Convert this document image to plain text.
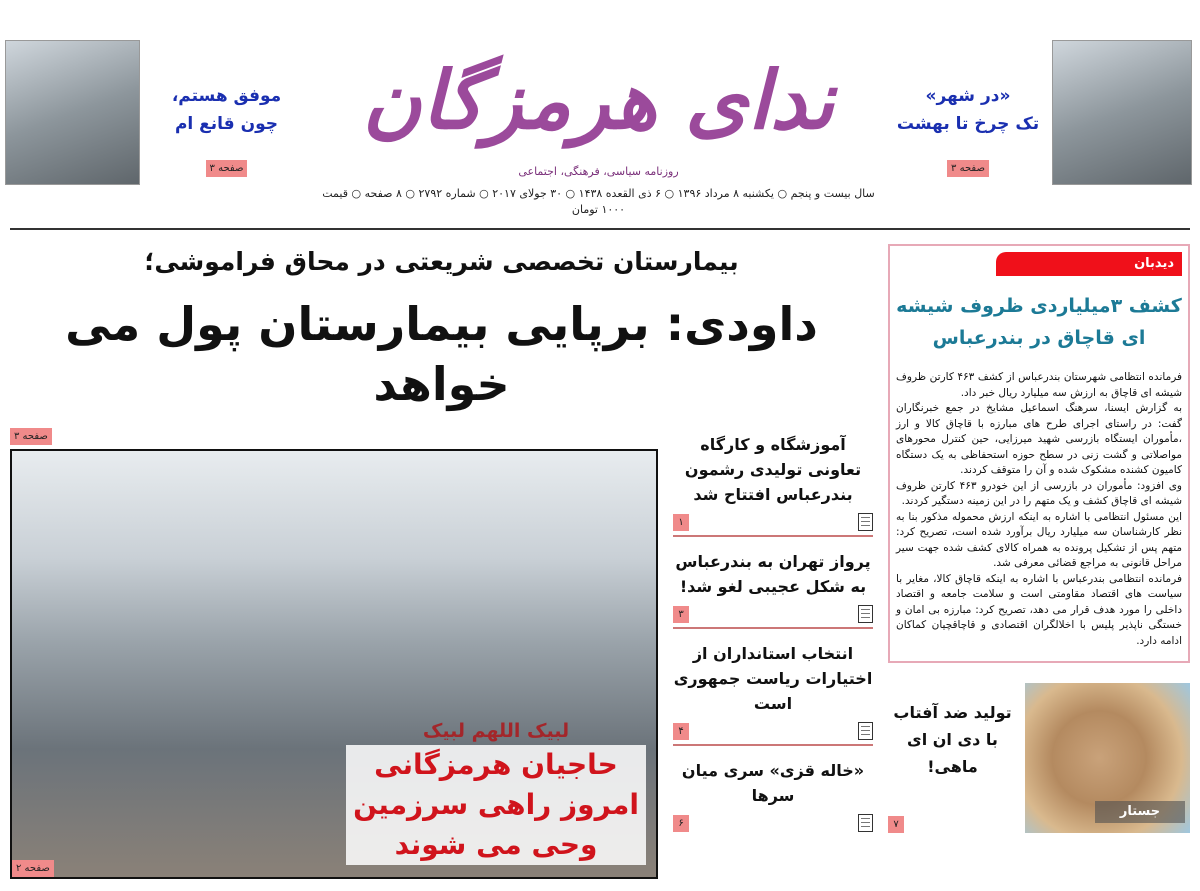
موفق هستم،
چون قانع ام
صفحه ۳
ندای هرمزگان
روزنامه سیاسی، فرهنگی، اجتماعی
سال بیست و پنجم ○ یکشنبه ۸ مرداد ۱۳۹۶ ○ ۶ ذی القعده ۱۴۳۸ ○ ۳۰ جولای ۲۰۱۷ ○ شماره ۲۷۹۲ ○ ۸ صفحه ○ قیمت ۱۰۰۰ تومان
«در شهر»
تک چرخ تا بهشت
صفحه ۳
بیمارستان تخصصی شریعتی در محاق فراموشی؛
داودی: برپایی بیمارستان پول می خواهد
صفحه ۳
لبیک اللهم لبیک
حاجیان هرمزگانی
امروز راهی سرزمین
وحی می شوند
صفحه ۲
آموزشگاه و کارگاه تعاونی تولیدی رشمون بندرعباس افتتاح شد
۱
پرواز تهران به بندرعباس به شکل عجیبی لغو شد!
۳
انتخاب استانداران از اختیارات ریاست جمهوری است
۴
«خاله قزی» سری میان سرها
۶
دیدبان
کشف ۳میلیاردی ظروف شیشه ای قاچاق در بندرعباس

فرمانده انتظامی شهرستان بندرعباس از کشف ۴۶۳ کارتن ظروف شیشه ای قاچاق به ارزش سه میلیارد ریال خبر داد.

به گزارش ایسنا، سرهنگ اسماعیل مشایخ در جمع خبرنگاران گفت: در راستای اجرای طرح های مبارزه با قاچاق کالا و ارز ،مأموران ایستگاه بازرسی شهید میرزایی، حین کنترل محورهای مواصلاتی و گشت زنی در سطح حوزه استحفاظی به یک دستگاه کامیون کشنده مشکوک شده و آن را متوقف کردند.

وی افزود: مأموران در بازرسی از این خودرو ۴۶۳ کارتن ظروف شیشه ای قاچاق کشف و یک متهم را در این زمینه دستگیر کردند.

این مسئول انتظامی با اشاره به اینکه ارزش محموله مذکور بنا به نظر کارشناسان سه میلیارد ریال برآورد شده است، تصریح کرد: متهم پس از تشکیل پرونده به همراه کالای کشف شده جهت سیر مراحل قانونی به مراجع قضائی معرفی شد.

فرمانده انتظامی بندرعباس با اشاره به اینکه قاچاق کالا، مغایر با سیاست های اقتصاد مقاومتی است و سلامت جامعه و اقتصاد داخلی را مورد هدف قرار می دهد، تصریح کرد: مبارزه بی امان و خستگی ناپذیر پلیس با اخلالگران اقتصادی و قاچاقچیان کماکان ادامه دارد.

تولید ضد آفتاب با دی ان ای ماهی!
۷
جستار
